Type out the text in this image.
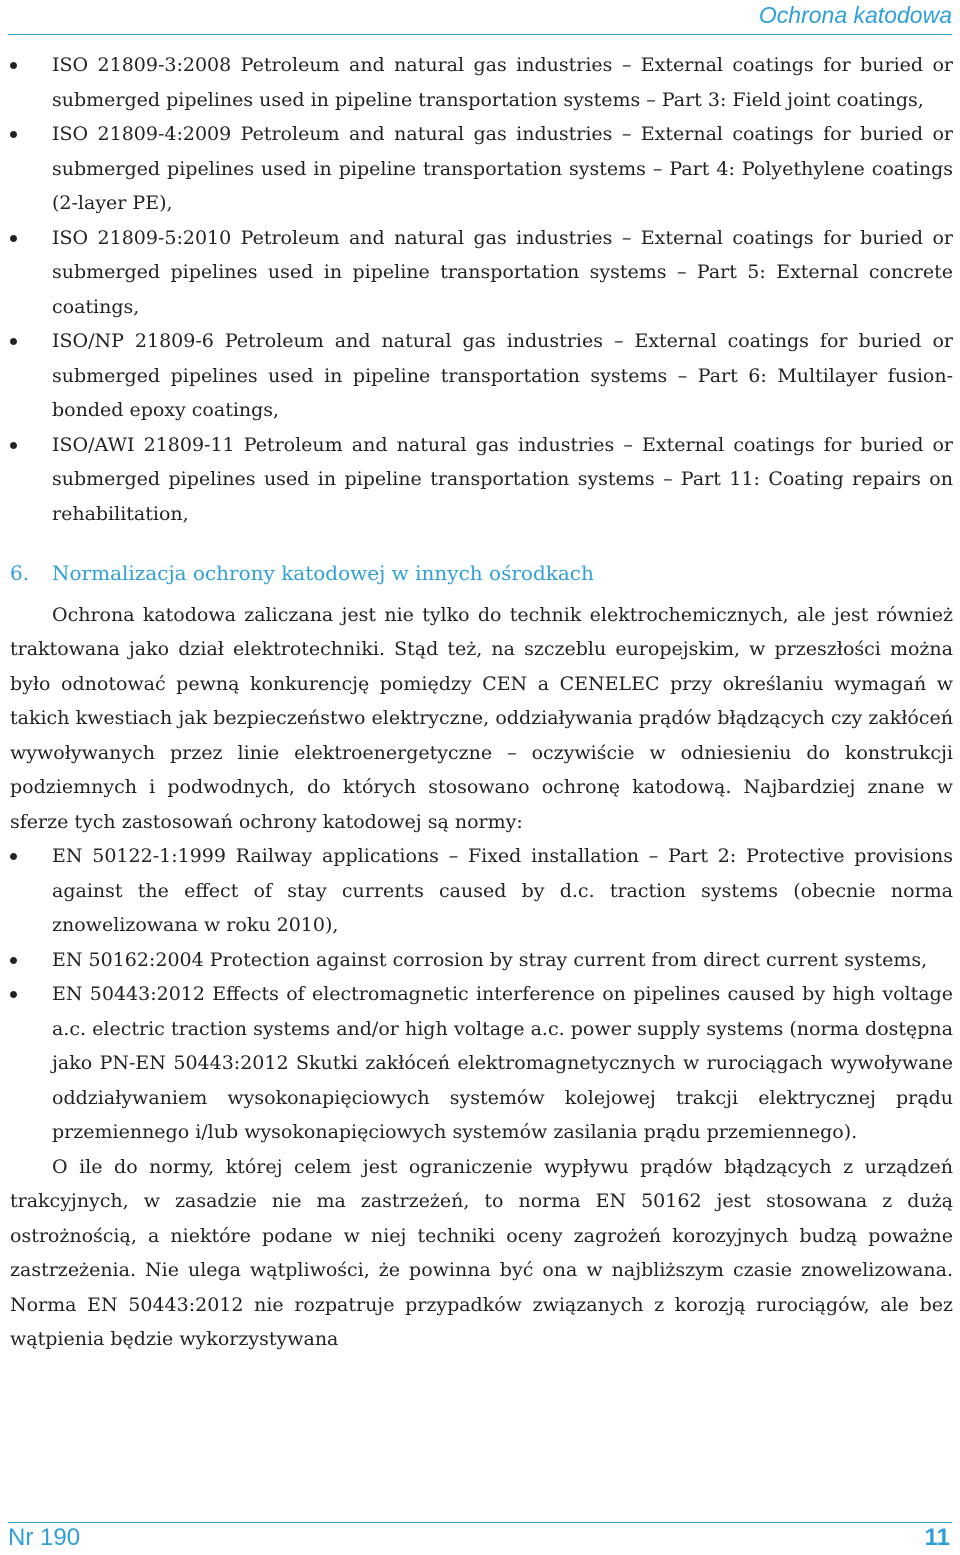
Ochrona katodowa
ISO 21809-3:2008 Petroleum and natural gas industries – External coatings for buried or submerged pipelines used in pipeline transportation systems – Part 3: Field joint coatings,
ISO 21809-4:2009 Petroleum and natural gas industries – External coatings for buried or submerged pipelines used in pipeline transportation systems – Part 4: Polyethylene coatings (2-layer PE),
ISO 21809-5:2010 Petroleum and natural gas industries – External coatings for buried or submerged pipelines used in pipeline transportation systems – Part 5: External concrete coatings,
ISO/NP 21809-6 Petroleum and natural gas industries – External coatings for buried or submerged pipelines used in pipeline transportation systems – Part 6: Multilayer fusion-bonded epoxy coatings,
ISO/AWI 21809-11 Petroleum and natural gas industries – External coatings for buried or submerged pipelines used in pipeline transportation systems – Part 11: Coating repairs on rehabilitation,
6. Normalizacja ochrony katodowej w innych ośrodkach

Ochrona katodowa zaliczana jest nie tylko do technik elektrochemicznych, ale jest również traktowana jako dział elektrotechniki. Stąd też, na szczeblu europejskim, w przeszłości można było odnotować pewną konkurencję pomiędzy CEN a CENELEC przy określaniu wymagań w takich kwestiach jak bezpieczeństwo elektryczne, oddziaływania prądów błądzących czy zakłóceń wywoływanych przez linie elektroenergetyczne – oczywiście w odniesieniu do konstrukcji podziemnych i podwodnych, do których stosowano ochronę katodową. Najbardziej znane w sferze tych zastosowań ochrony katodowej są normy:

EN 50122-1:1999 Railway applications – Fixed installation – Part 2: Protective provisions against the effect of stay currents caused by d.c. traction systems (obecnie norma znowelizowana w roku 2010),
EN 50162:2004 Protection against corrosion by stray current from direct current systems,
EN 50443:2012 Effects of electromagnetic interference on pipelines caused by high voltage a.c. electric traction systems and/or high voltage a.c. power supply systems (norma dostępna jako PN-EN 50443:2012 Skutki zakłóceń elektromagnetycznych w rurociągach wywoływane oddziaływaniem wysokonapięciowych systemów kolejowej trakcji elektrycznej prądu przemiennego i/lub wysokonapięciowych systemów zasilania prądu przemiennego).

O ile do normy, której celem jest ograniczenie wypływu prądów błądzących z urządzeń trakcyjnych, w zasadzie nie ma zastrzeżeń, to norma EN 50162 jest stosowana z dużą ostrożnością, a niektóre podane w niej techniki oceny zagrożeń korozyjnych budzą poważne zastrzeżenia. Nie ulega wątpliwości, że powinna być ona w najbliższym czasie znowelizowana. Norma EN 50443:2012 nie rozpatruje przypadków związanych z korozją rurociągów, ale bez wątpienia będzie wykorzystywana

Nr 190	11
